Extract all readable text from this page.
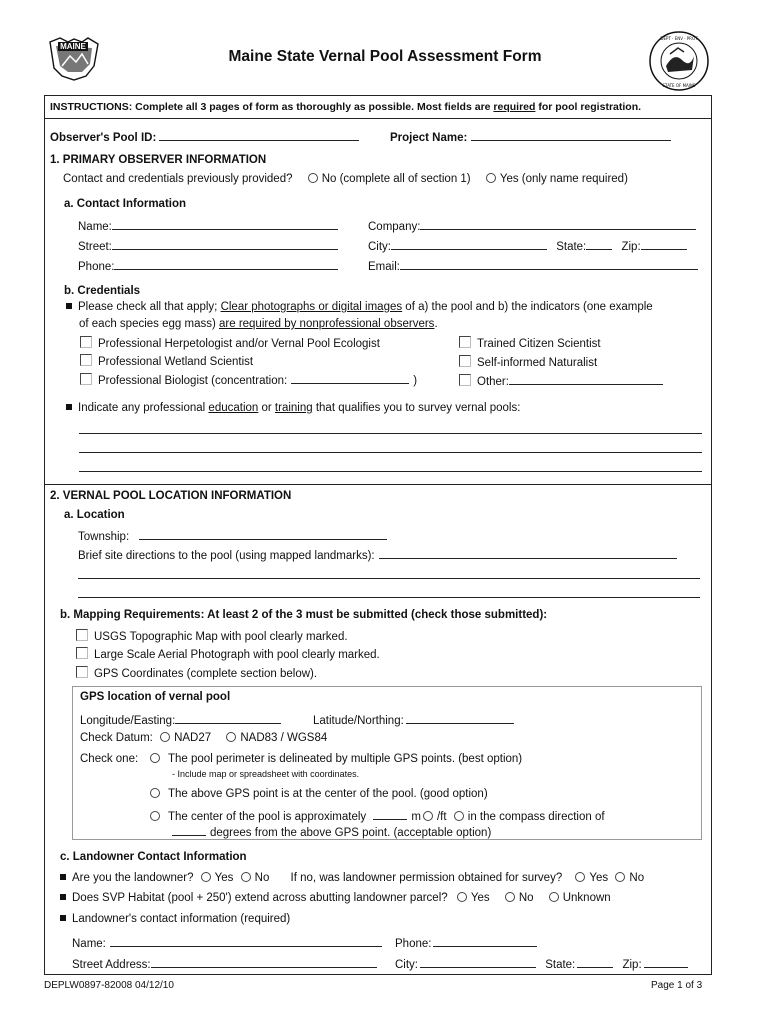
MAINE
DEPT · ENV · PROT
STATE OF MAINE
Maine State Vernal Pool Assessment Form
INSTRUCTIONS: Complete all 3 pages of form as thoroughly as possible. Most fields are required for pool registration.
Observer's Pool ID:	Project Name:
1. PRIMARY OBSERVER INFORMATION
Contact and credentials previously provided?	No (complete all of section 1)	Yes (only name required)
a. Contact Information
Name:	Company:
Street:	City:	State:	Zip:
Phone:	Email:
b. Credentials
Please check all that apply; Clear photographs or digital images of a) the pool and b) the indicators (one example
of each species egg mass) are required by nonprofessional observers.
Professional Herpetologist and/or Vernal Pool Ecologist
Professional Wetland Scientist
Professional Biologist (concentration:	)
Trained Citizen Scientist
Self-informed Naturalist
Other:
Indicate any professional education or training that qualifies you to survey vernal pools:
2. VERNAL POOL LOCATION INFORMATION
a. Location
Township:
Brief site directions to the pool (using mapped landmarks):
b. Mapping Requirements: At least 2 of the 3 must be submitted (check those submitted):
USGS Topographic Map with pool clearly marked.
Large Scale Aerial Photograph with pool clearly marked.
GPS Coordinates (complete section below).
GPS location of vernal pool
Longitude/Easting:	Latitude/Northing:
Check Datum: NAD27	NAD83 / WGS84
Check one:	The pool perimeter is delineated by multiple GPS points. (best option)
- Include map or spreadsheet with coordinates.
The above GPS point is at the center of the pool. (good option)
The center of the pool is approximately	m /ft in the compass direction of
degrees from the above GPS point. (acceptable option)
c. Landowner Contact Information
Are you the landowner? Yes No If no, was landowner permission obtained for survey? Yes No
Does SVP Habitat (pool + 250') extend across abutting landowner parcel? Yes	No	Unknown
Landowner's contact information (required)
Name:	Phone:
Street Address:	City:	State:	Zip:
DEPLW0897-82008 04/12/10	Page 1 of 3
